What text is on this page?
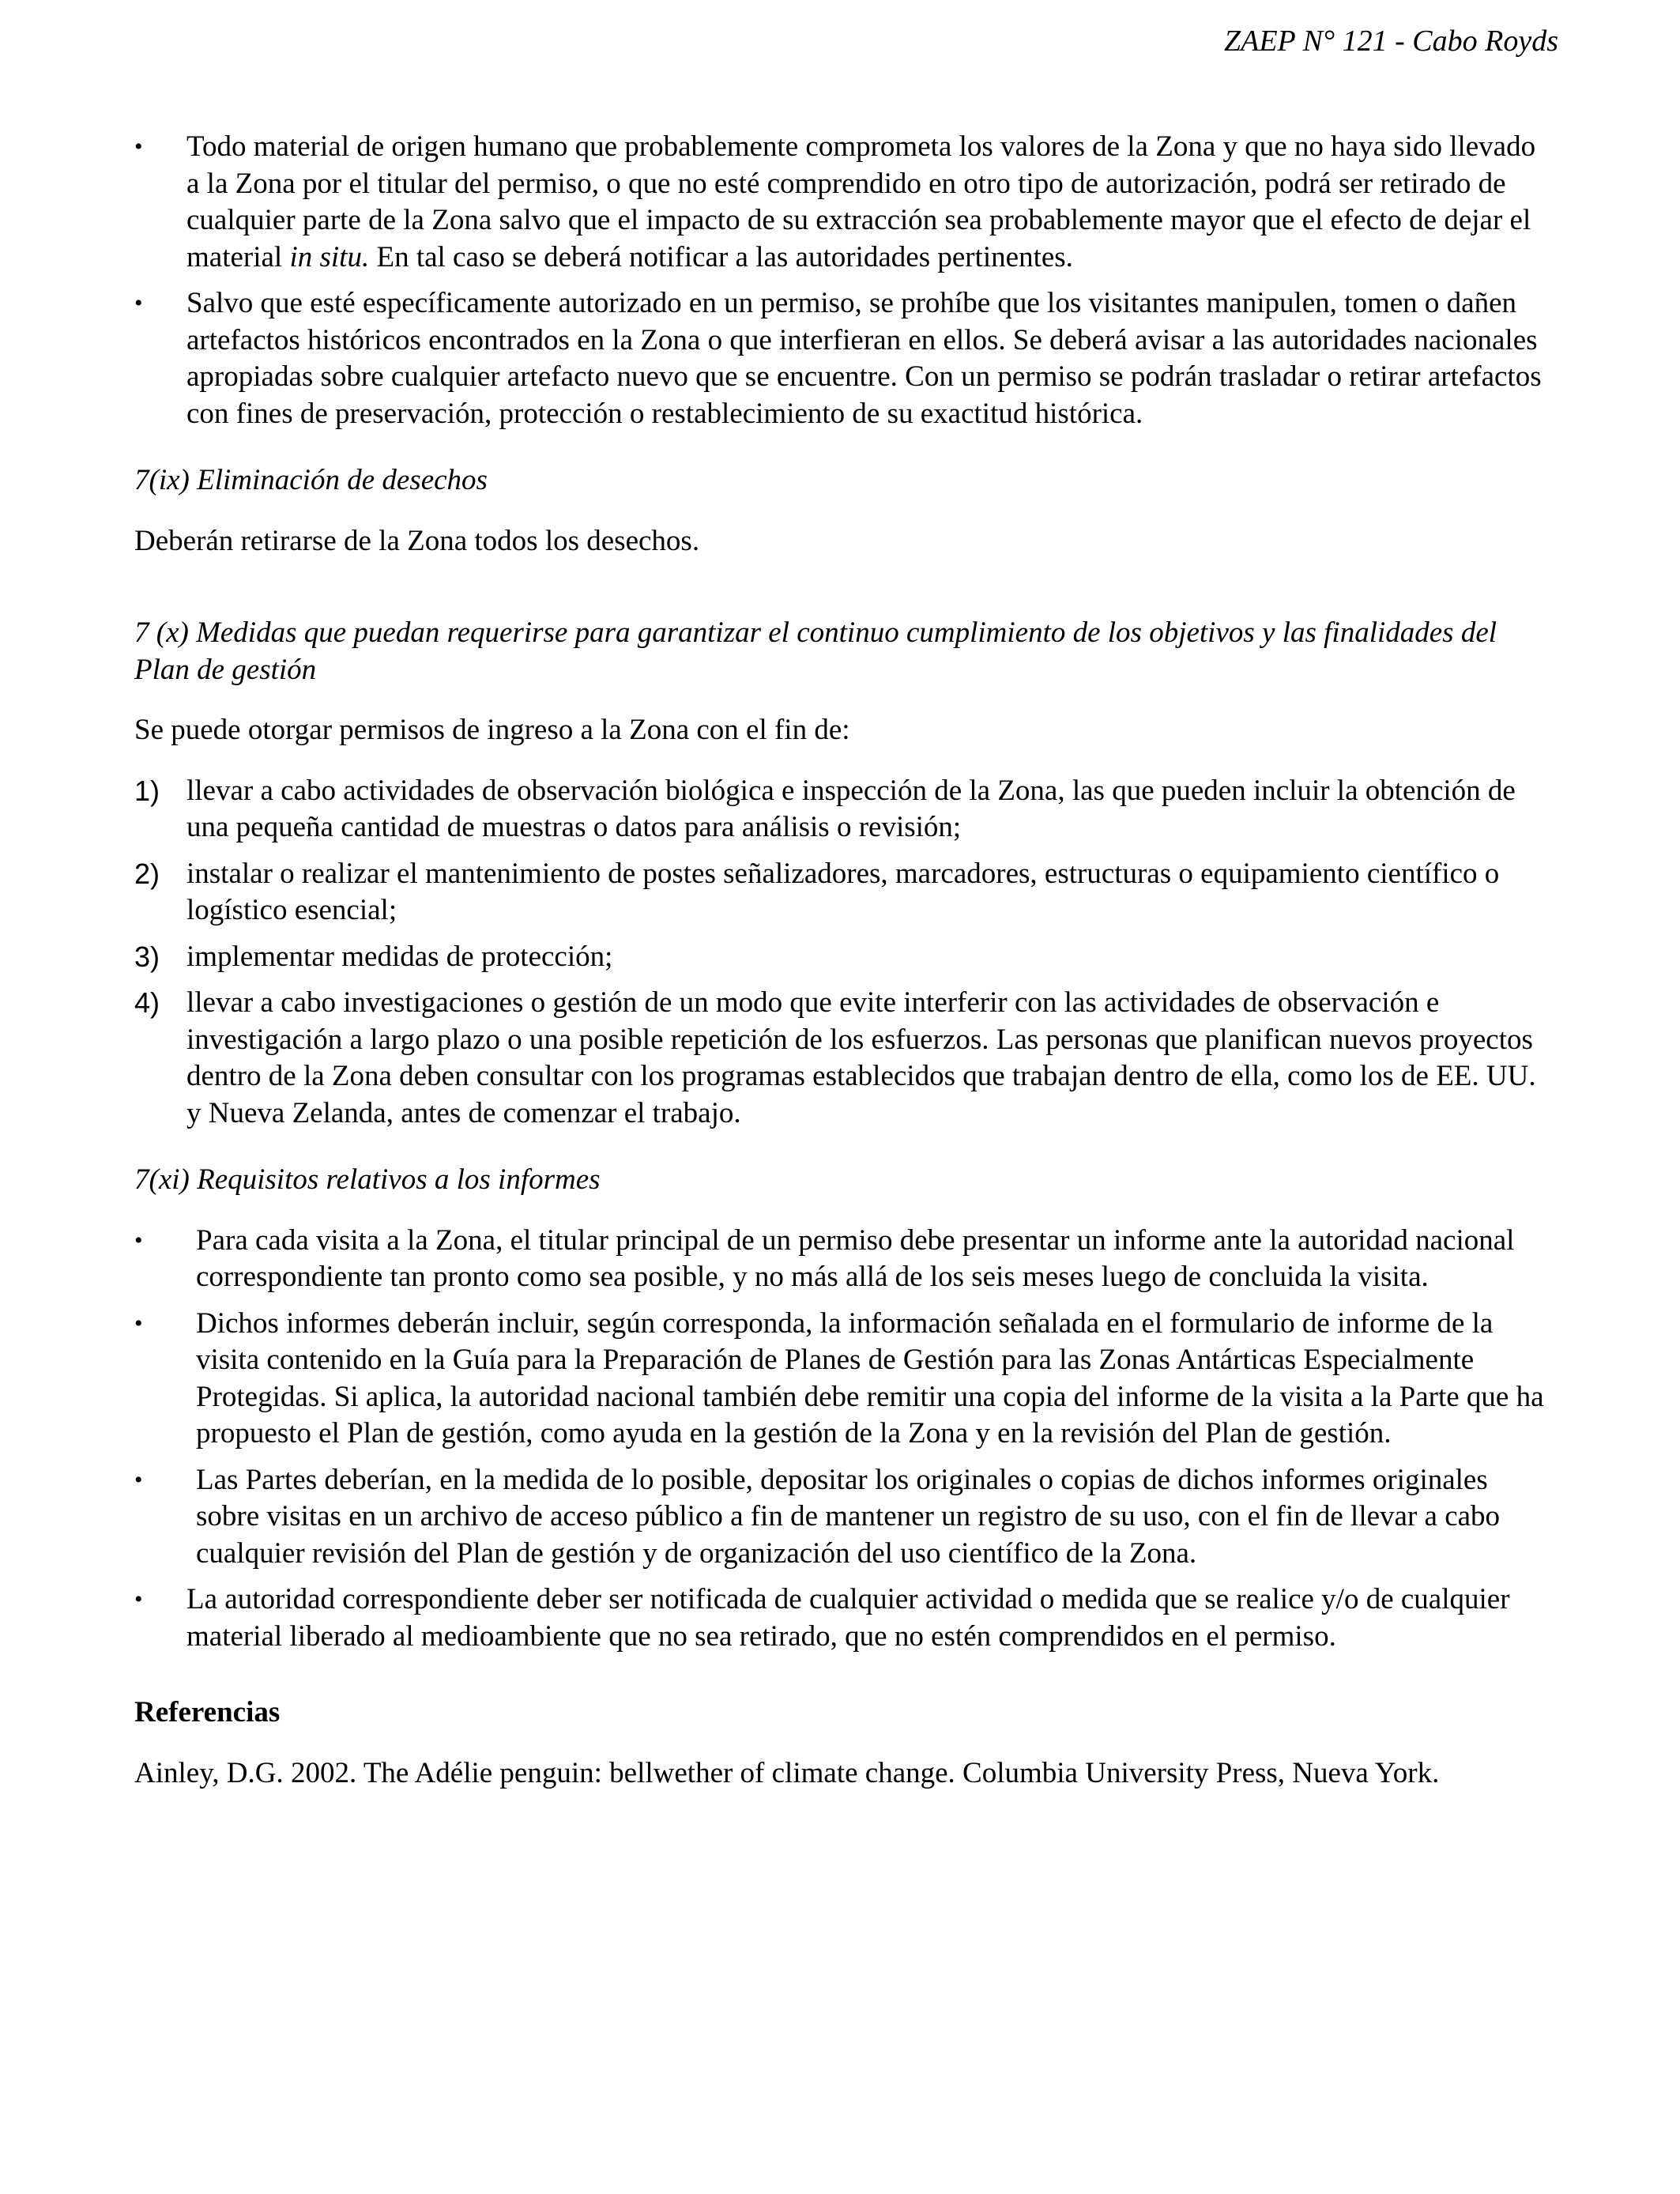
ZAEP N° 121 - Cabo Royds
• Todo material de origen humano que probablemente comprometa los valores de la Zona y que no haya sido llevado a la Zona por el titular del permiso, o que no esté comprendido en otro tipo de autorización, podrá ser retirado de cualquier parte de la Zona salvo que el impacto de su extracción sea probablemente mayor que el efecto de dejar el material in situ. En tal caso se deberá notificar a las autoridades pertinentes.
• Salvo que esté específicamente autorizado en un permiso, se prohíbe que los visitantes manipulen, tomen o dañen artefactos históricos encontrados en la Zona o que interfieran en ellos. Se deberá avisar a las autoridades nacionales apropiadas sobre cualquier artefacto nuevo que se encuentre. Con un permiso se podrán trasladar o retirar artefactos con fines de preservación, protección o restablecimiento de su exactitud histórica.

7(ix) Eliminación de desechos

Deberán retirarse de la Zona todos los desechos.

7 (x) Medidas que puedan requerirse para garantizar el continuo cumplimiento de los objetivos y las finalidades del Plan de gestión

Se puede otorgar permisos de ingreso a la Zona con el fin de:

1) llevar a cabo actividades de observación biológica e inspección de la Zona, las que pueden incluir la obtención de una pequeña cantidad de muestras o datos para análisis o revisión;
2) instalar o realizar el mantenimiento de postes señalizadores, marcadores, estructuras o equipamiento científico o logístico esencial;
3) implementar medidas de protección;
4) llevar a cabo investigaciones o gestión de un modo que evite interferir con las actividades de observación e investigación a largo plazo o una posible repetición de los esfuerzos. Las personas que planifican nuevos proyectos dentro de la Zona deben consultar con los programas establecidos que trabajan dentro de ella, como los de EE. UU. y Nueva Zelanda, antes de comenzar el trabajo.

7(xi) Requisitos relativos a los informes

• Para cada visita a la Zona, el titular principal de un permiso debe presentar un informe ante la autoridad nacional correspondiente tan pronto como sea posible, y no más allá de los seis meses luego de concluida la visita.
• Dichos informes deberán incluir, según corresponda, la información señalada en el formulario de informe de la visita contenido en la Guía para la Preparación de Planes de Gestión para las Zonas Antárticas Especialmente Protegidas. Si aplica, la autoridad nacional también debe remitir una copia del informe de la visita a la Parte que ha propuesto el Plan de gestión, como ayuda en la gestión de la Zona y en la revisión del Plan de gestión.
• Las Partes deberían, en la medida de lo posible, depositar los originales o copias de dichos informes originales sobre visitas en un archivo de acceso público a fin de mantener un registro de su uso, con el fin de llevar a cabo cualquier revisión del Plan de gestión y de organización del uso científico de la Zona.
• La autoridad correspondiente deber ser notificada de cualquier actividad o medida que se realice y/o de cualquier material liberado al medioambiente que no sea retirado, que no estén comprendidos en el permiso.

Referencias

Ainley, D.G. 2002. The Adélie penguin: bellwether of climate change. Columbia University Press, Nueva York.
